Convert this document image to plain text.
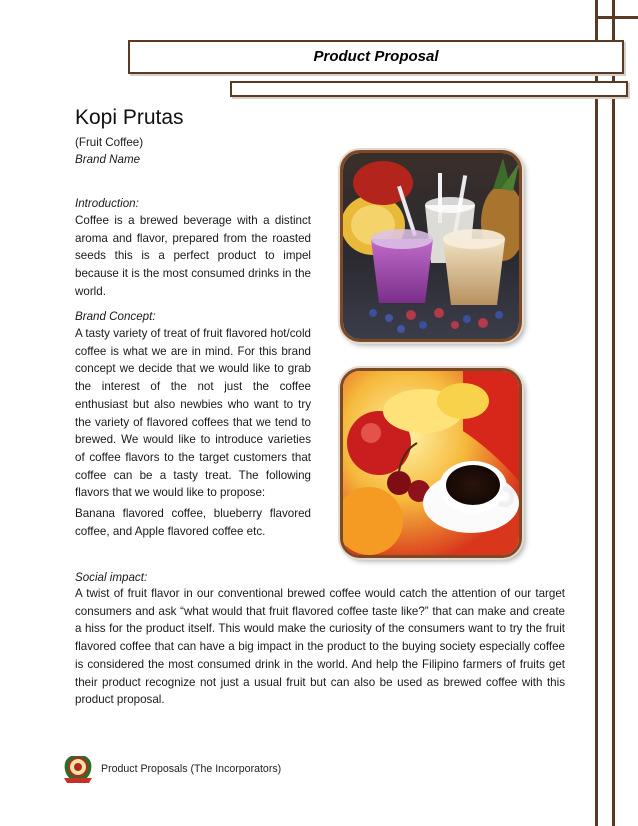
Product Proposal
Kopi Prutas
(Fruit Coffee)
Brand Name
Introduction:
Coffee is a brewed beverage with a distinct aroma and flavor, prepared from the roasted seeds this is a perfect product to impel because it is the most consumed drinks in the world.
Brand Concept:
A tasty variety of treat of fruit flavored hot/cold coffee is what we are in mind. For this brand concept we decide that we would like to grab the interest of the not just the coffee enthusiast but also newbies who want to try the variety of flavored coffees that we tend to brewed. We would like to introduce varieties of coffee flavors to the target customers that coffee can be a tasty treat. The following flavors that we would like to propose:
Banana flavored coffee, blueberry flavored coffee, and Apple flavored coffee etc.
Social impact:
A twist of fruit flavor in our conventional brewed coffee would catch the attention of our target consumers and ask “what would that fruit flavored coffee taste like?” that can make and create a hiss for the product itself. This would make the curiosity of the consumers want to try the fruit flavored coffee that can have a big impact in the product to the buying society especially coffee is considered the most consumed drink in the world. And help the Filipino farmers of fruits get their product recognize not just a usual fruit but can also be used as brewed coffee with this product proposal.
Product Proposals (The Incorporators)
